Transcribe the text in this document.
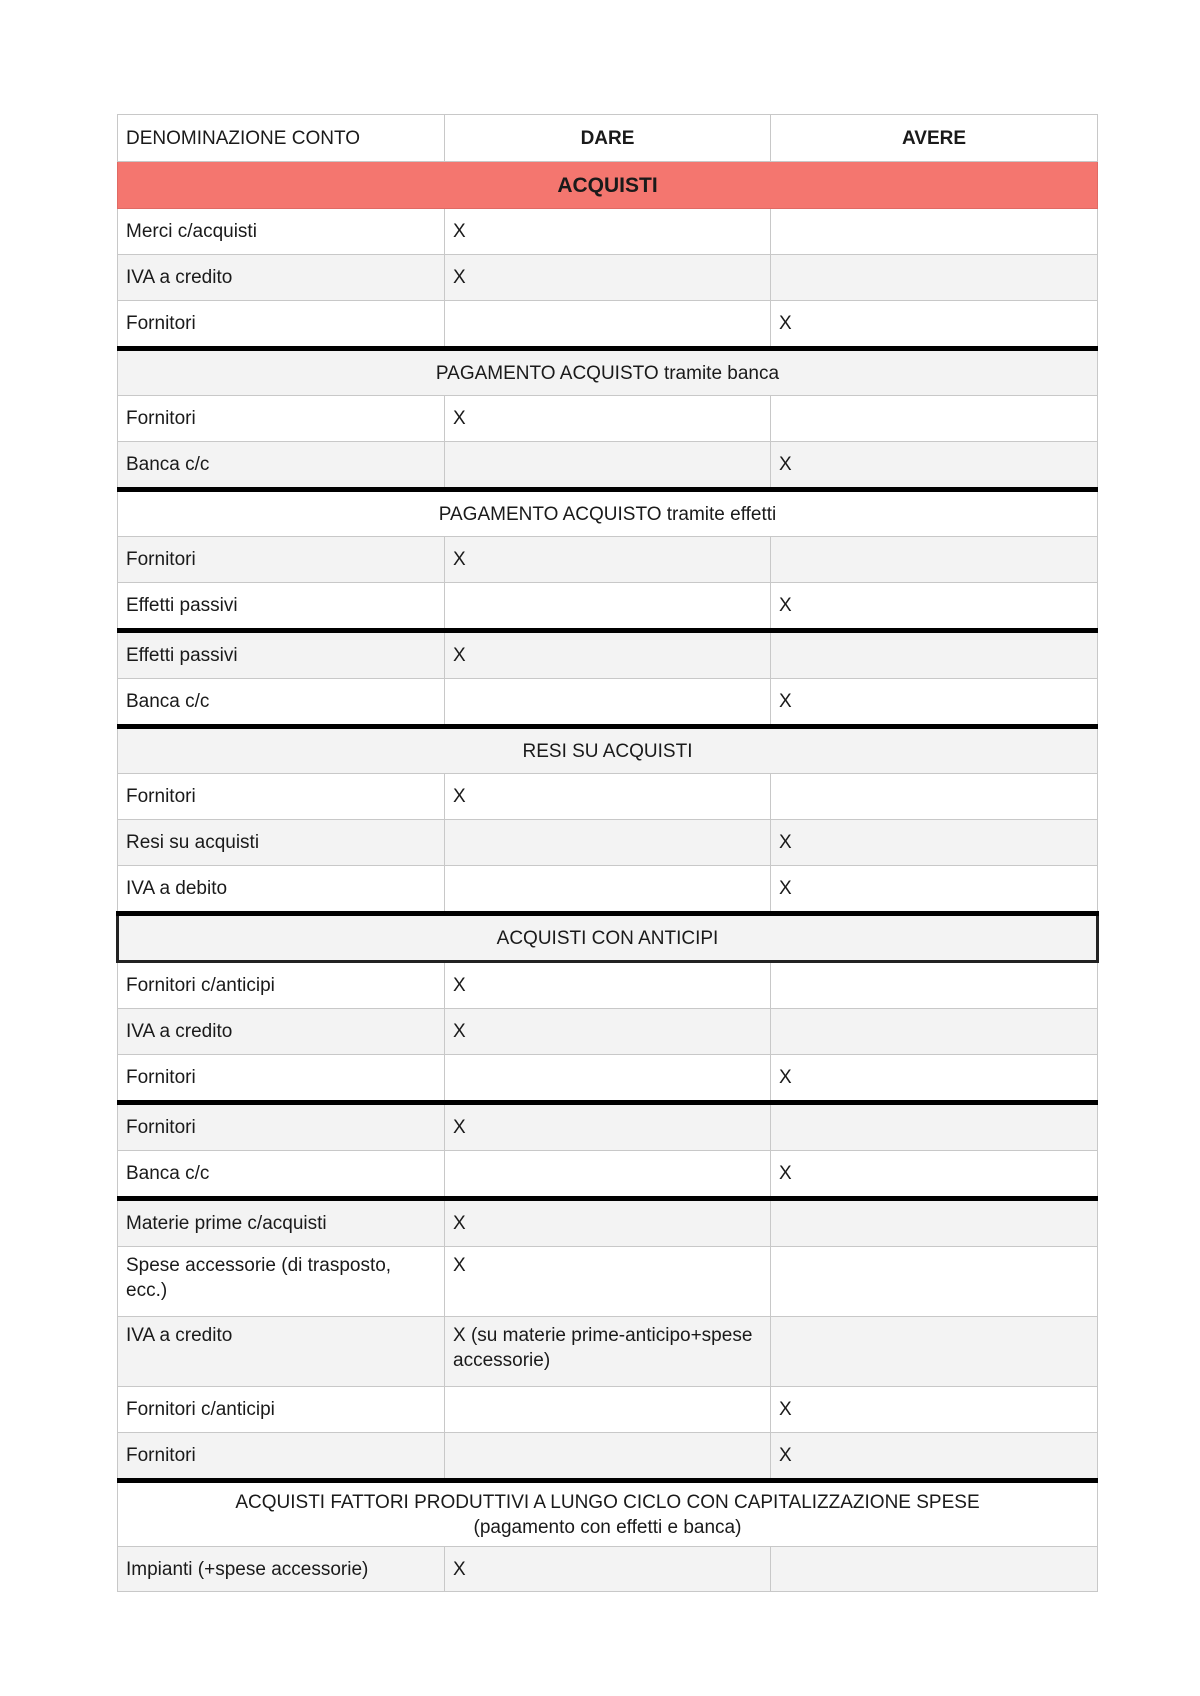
DENOMINAZIONE CONTO	DARE	AVERE
ACQUISTI		
Merci c/acquisti	X	
IVA a credito	X	
Fornitori		X
PAGAMENTO ACQUISTO tramite banca		
Fornitori	X	
Banca c/c		X
PAGAMENTO ACQUISTO tramite effetti		
Fornitori	X	
Effetti passivi		X
Effetti passivi	X	
Banca c/c		X
RESI SU ACQUISTI		
Fornitori	X	
Resi su acquisti		X
IVA a debito		X
ACQUISTI CON ANTICIPI		
Fornitori c/anticipi	X	
IVA a credito	X	
Fornitori		X
Fornitori	X	
Banca c/c		X
Materie prime c/acquisti	X	

Spese accessorie (di trasposto, ecc.)	X	

IVA a credito	X (su materie prime-anticipo+spese accessorie)	

Fornitori c/anticipi		X
Fornitori		X
ACQUISTI FATTORI PRODUTTIVI A LUNGO CICLO CON CAPITALIZZAZIONE SPESE
(pagamento con effetti e banca)		
Impianti (+spese accessorie)	X	
